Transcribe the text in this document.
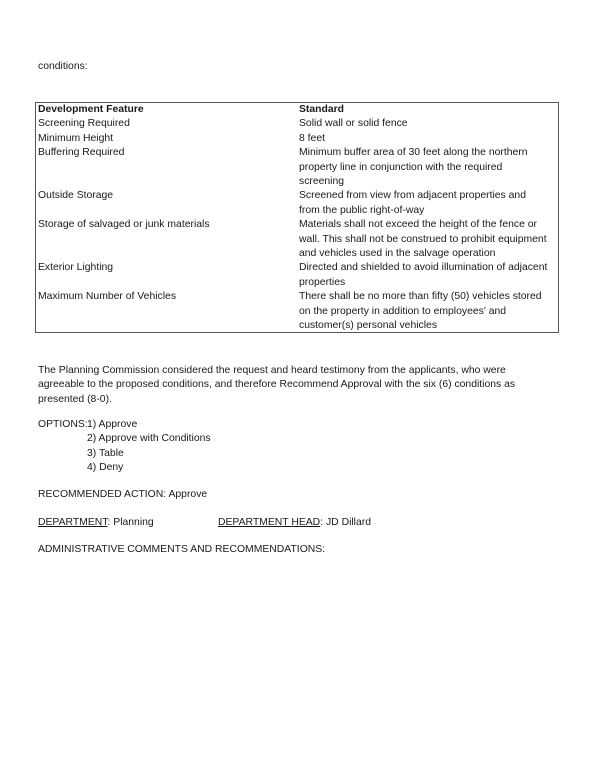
conditions:
Development Feature	Standard
Screening Required	Solid wall or solid fence
Minimum Height	8 feet
Buffering Required	Minimum buffer area of 30 feet along the northern
property line in conjunction with the required
screening
Outside Storage	Screened from view from adjacent properties and
from the public right-of-way
Storage of salvaged or junk materials	Materials shall not exceed the height of the fence or
wall. This shall not be construed to prohibit equipment
and vehicles used in the salvage operation
Exterior Lighting	Directed and shielded to avoid illumination of adjacent
properties
Maximum Number of Vehicles	There shall be no more than fifty (50) vehicles stored
on the property in addition to employees' and
customer(s) personal vehicles
The Planning Commission considered the request and heard testimony from the applicants, who were
agreeable to the proposed conditions, and therefore Recommend Approval with the six (6) conditions as
presented (8-0).
OPTIONS: 1) Approve
2) Approve with Conditions
3) Table
4) Deny
RECOMMENDED ACTION: Approve
DEPARTMENT: Planning	DEPARTMENT HEAD: JD Dillard
ADMINISTRATIVE COMMENTS AND RECOMMENDATIONS:
